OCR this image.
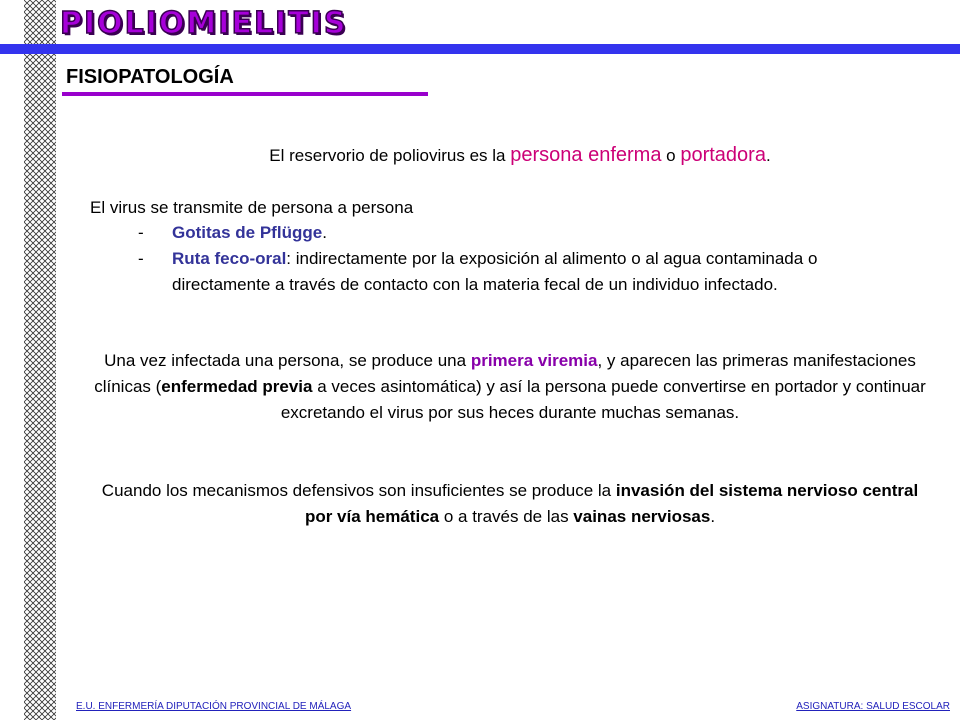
PIOLIOMIELITIS
FISIOPATOLOGÍA

El reservorio de poliovirus es la persona enferma o portadora.

El virus se transmite de persona a persona

- Gotitas de Pflügge.
- Ruta feco-oral: indirectamente por la exposición al alimento o al agua contaminada o directamente a través de contacto con la materia fecal de un individuo infectado.

Una vez infectada una persona, se produce una primera viremia, y aparecen las primeras manifestaciones clínicas (enfermedad previa a veces asintomática) y así la persona puede convertirse en portador y continuar excretando el virus por sus heces durante muchas semanas.

Cuando los mecanismos defensivos son insuficientes se produce la invasión del sistema nervioso central por vía hemática o a través de las vainas nerviosas.

E.U. ENFERMERÍA DIPUTACIÓN PROVINCIAL DE MÁLAGA	ASIGNATURA: SALUD ESCOLAR
